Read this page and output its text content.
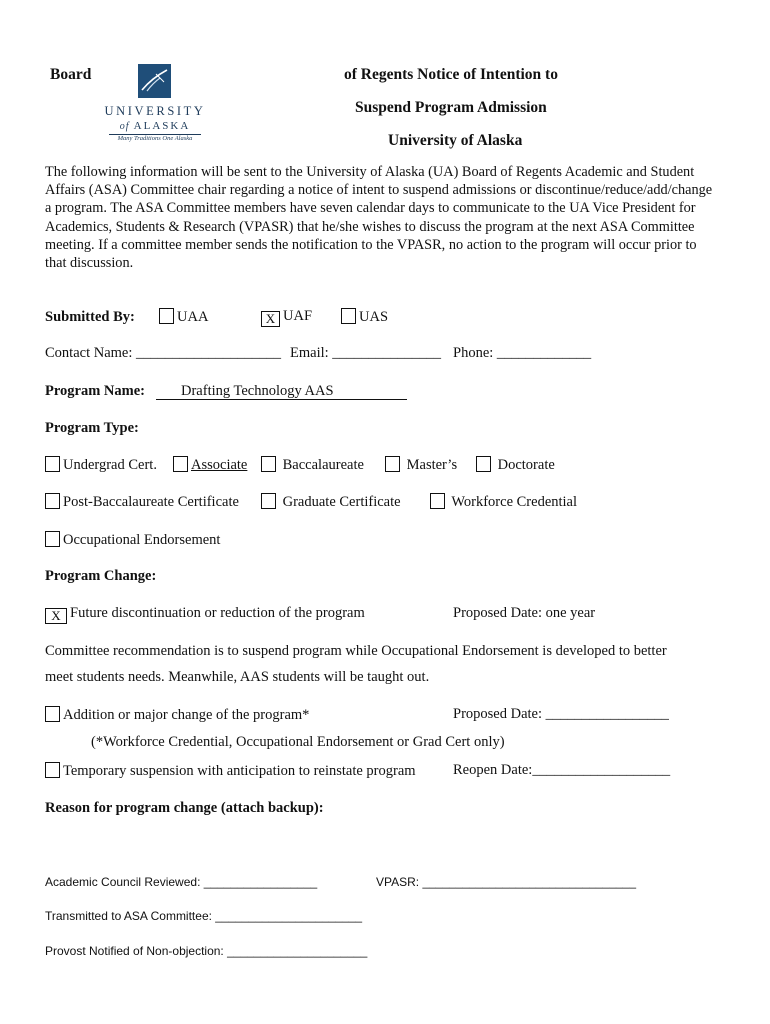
Board	of Regents Notice of Intention to
Suspend Program Admission
University of Alaska
UNIVERSITY
of ALASKA
Many Traditions One Alaska
The following information will be sent to the University of Alaska (UA) Board of Regents Academic and Student Affairs (ASA) Committee chair regarding a notice of intent to suspend admissions or discontinue/reduce/add/change a program. The ASA Committee members have seven calendar days to communicate to the UA Vice President for Academics, Students & Research (VPASR) that he/she wishes to discuss the program at the next ASA Committee meeting. If a committee member sends the notification to the VPASR, no action to the program will occur prior to that discussion.
Submitted By:	UAA	X UAF	UAS
Contact Name: ____________________ Email: _______________ Phone: _____________
Program Name:	Drafting Technology AAS
Program Type:
Undergrad Cert.	Associate	Baccalaureate	Master’s	Doctorate
Post-Baccalaureate Certificate	Graduate Certificate	Workforce Credential
Occupational Endorsement
Program Change:
X Future discontinuation or reduction of the program	Proposed Date: one year
Committee recommendation is to suspend program while Occupational Endorsement is developed to better
meet students needs. Meanwhile, AAS students will be taught out.
Addition or major change of the program*	Proposed Date: _________________
(*Workforce Credential, Occupational Endorsement or Grad Cert only)
Temporary suspension with anticipation to reinstate program	Reopen Date:___________________
Reason for program change (attach backup):
Academic Council Reviewed: _________________	VPASR: ________________________________
Transmitted to ASA Committee: ______________________
Provost Notified of Non-objection: _____________________
